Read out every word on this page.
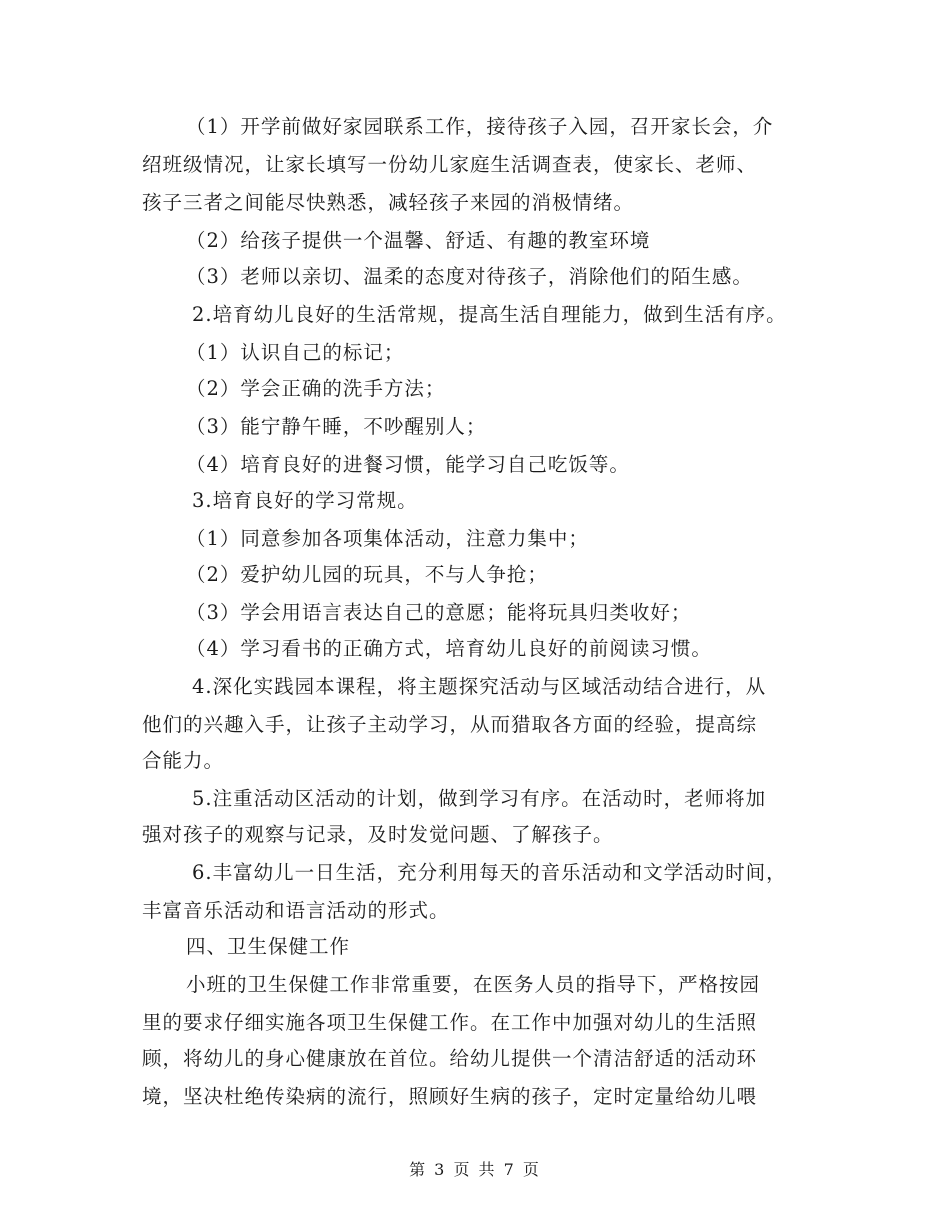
（1）开学前做好家园联系工作，接待孩子入园，召开家长会，介
绍班级情况，让家长填写一份幼儿家庭生活调查表，使家长、老师、
孩子三者之间能尽快熟悉，减轻孩子来园的消极情绪。
（2）给孩子提供一个温馨、舒适、有趣的教室环境
（3）老师以亲切、温柔的态度对待孩子，消除他们的陌生感。
2.培育幼儿良好的生活常规，提高生活自理能力，做到生活有序。
（1）认识自己的标记；
（2）学会正确的洗手方法；
（3）能宁静午睡，不吵醒别人；
（4）培育良好的进餐习惯，能学习自己吃饭等。
3.培育良好的学习常规。
（1）同意参加各项集体活动，注意力集中；
（2）爱护幼儿园的玩具，不与人争抢；
（3）学会用语言表达自己的意愿；能将玩具归类收好；
（4）学习看书的正确方式，培育幼儿良好的前阅读习惯。
4.深化实践园本课程，将主题探究活动与区域活动结合进行，从
他们的兴趣入手，让孩子主动学习，从而猎取各方面的经验，提高综
合能力。
5.注重活动区活动的计划，做到学习有序。在活动时，老师将加
强对孩子的观察与记录，及时发觉问题、了解孩子。
6.丰富幼儿一日生活，充分利用每天的音乐活动和文学活动时间，
丰富音乐活动和语言活动的形式。
四、卫生保健工作
小班的卫生保健工作非常重要，在医务人员的指导下，严格按园
里的要求仔细实施各项卫生保健工作。在工作中加强对幼儿的生活照
顾，将幼儿的身心健康放在首位。给幼儿提供一个清洁舒适的活动环
境，坚决杜绝传染病的流行，照顾好生病的孩子，定时定量给幼儿喂
第 3 页 共 7 页
